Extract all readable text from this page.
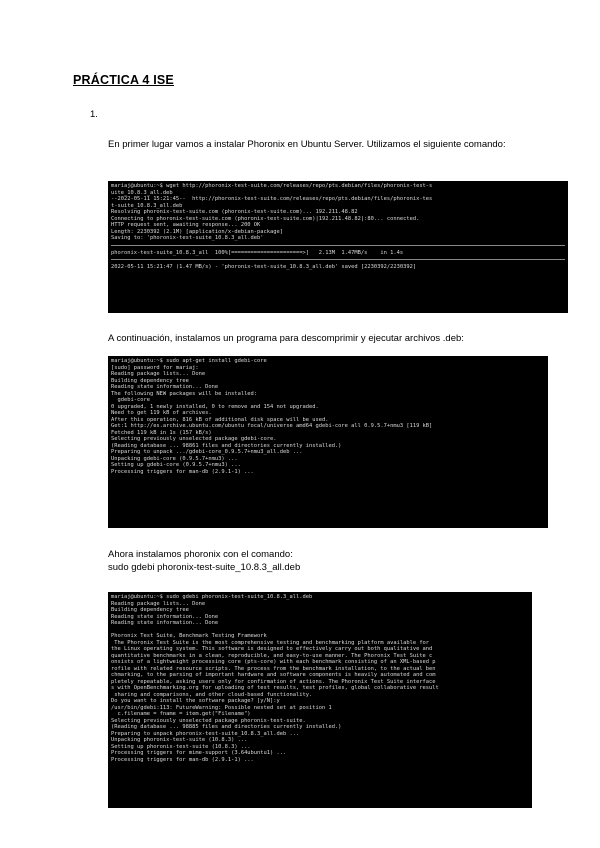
PRÁCTICA 4 ISE
1.
En primer lugar vamos a instalar Phoronix en Ubuntu Server. Utilizamos el siguiente comando:
mariaj@ubuntu:~$ wget http://phoronix-test-suite.com/releases/repo/pts.debian/files/phoronix-test-s
uite_10.8.3_all.deb
--2022-05-11 15:21:45--  http://phoronix-test-suite.com/releases/repo/pts.debian/files/phoronix-tes
t-suite_10.8.3_all.deb
Resolving phoronix-test-suite.com (phoronix-test-suite.com)... 192.211.48.82
Connecting to phoronix-test-suite.com (phoronix-test-suite.com)|192.211.48.82|:80... connected.
HTTP request sent, awaiting response... 200 OK
Length: 2230392 (2.1M) [application/x-debian-package]
Saving to: 'phoronix-test-suite_10.8.3_all.deb'
phoronix-test-suite_10.8.3_all  100%[======================>]   2.13M  1.47MB/s    in 1.4s
2022-05-11 15:21:47 (1.47 MB/s) - 'phoronix-test-suite_10.8.3_all.deb' saved [2230392/2230392]
A continuación, instalamos un programa para descomprimir y ejecutar archivos .deb:
mariaj@ubuntu:~$ sudo apt-get install gdebi-core
[sudo] password for mariaj:
Reading package lists... Done
Building dependency tree
Reading state information... Done
The following NEW packages will be installed:
gdebi-core
0 upgraded, 1 newly installed, 0 to remove and 154 not upgraded.
Need to get 119 kB of archives.
After this operation, 816 kB of additional disk space will be used.
Get:1 http://es.archive.ubuntu.com/ubuntu focal/universe amd64 gdebi-core all 0.9.5.7+nmu3 [119 kB]
Fetched 119 kB in 1s (157 kB/s)
Selecting previously unselected package gdebi-core.
(Reading database ... 98861 files and directories currently installed.)
Preparing to unpack .../gdebi-core_0.9.5.7+nmu3_all.deb ...
Unpacking gdebi-core (0.9.5.7+nmu3) ...
Setting up gdebi-core (0.9.5.7+nmu3) ...
Processing triggers for man-db (2.9.1-1) ...
Ahora instalamos phoronix con el comando:
sudo gdebi phoronix-test-suite_10.8.3_all.deb
mariaj@ubuntu:~$ sudo gdebi phoronix-test-suite_10.8.3_all.deb
Reading package lists... Done
Building dependency tree
Reading state information... Done
Reading state information... Done

Phoronix Test Suite, Benchmark Testing Framework
The Phoronix Test Suite is the most comprehensive testing and benchmarking platform available for
the Linux operating system. This software is designed to effectively carry out both qualitative and
quantitative benchmarks in a clean, reproducible, and easy-to-use manner. The Phoronix Test Suite c
onsists of a lightweight processing core (pts-core) with each benchmark consisting of an XML-based p
rofile with related resource scripts. The process from the benchmark installation, to the actual ben
chmarking, to the parsing of important hardware and software components is heavily automated and com
pletely repeatable, asking users only for confirmation of actions. The Phoronix Test Suite interface
s with OpenBenchmarking.org for uploading of test results, test profiles, global collaborative result
sharing and comparisons, and other cloud-based functionality.
Do you want to install the software package? [y/N]:y
/usr/bin/gdebi:113: FutureWarning: Possible nested set at position 1
c.filename = fname = item.get("Filename")
Selecting previously unselected package phoronix-test-suite.
(Reading database ... 98885 files and directories currently installed.)
Preparing to unpack phoronix-test-suite_10.8.3_all.deb ...
Unpacking phoronix-test-suite (10.8.3) ...
Setting up phoronix-test-suite (10.8.3) ...
Processing triggers for mime-support (3.64ubuntu1) ...
Processing triggers for man-db (2.9.1-1) ...
